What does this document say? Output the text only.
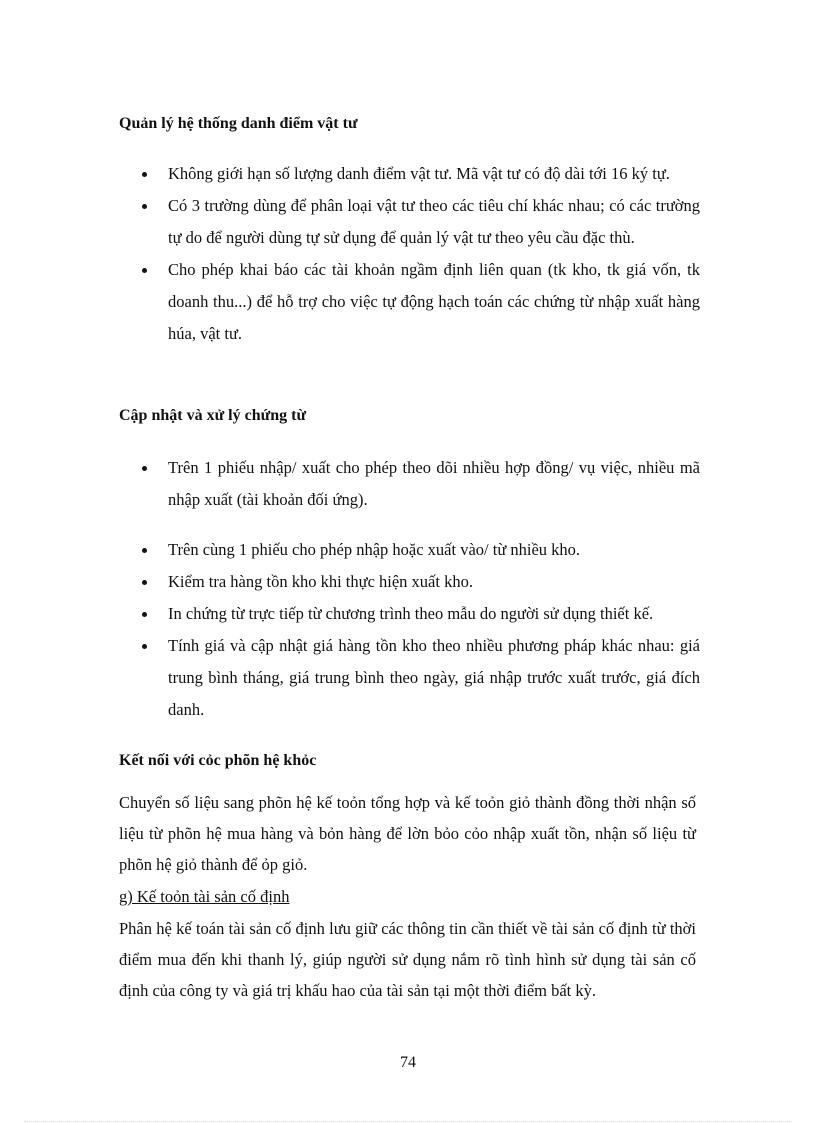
Quản lý hệ thống danh điểm vật tư
Không giới hạn số lượng danh điểm vật tư. Mã vật tư có độ dài tới 16 ký tự.
Có 3 trường dùng để phân loại vật tư theo các tiêu chí khác nhau; có các trường tự do để người dùng tự sử dụng để quản lý vật tư theo yêu cầu đặc thù.
Cho phép khai báo các tài khoản ngầm định liên quan (tk kho, tk giá vốn, tk doanh thu...) để hỗ trợ cho việc tự động hạch toán các chứng từ nhập xuất hàng húa, vật tư.
Cập nhật và xử lý chứng từ
Trên 1 phiếu nhập/ xuất cho phép theo dõi nhiều hợp đồng/ vụ việc, nhiều mã nhập xuất (tài khoản đối ứng).
Trên cùng 1 phiếu cho phép nhập hoặc xuất vào/ từ nhiều kho.
Kiểm tra hàng tồn kho khi thực hiện xuất kho.
In chứng từ trực tiếp từ chương trình theo mẫu do người sử dụng thiết kế.
Tính giá và cập nhật giá hàng tồn kho theo nhiều phương pháp khác nhau: giá trung bình tháng, giá trung bình theo ngày, giá nhập trước xuất trước, giá đích danh.
Kết nối với cỏc phõn hệ khỏc

Chuyển số liệu sang phõn hệ kế toỏn tổng hợp và kế toỏn giỏ thành đồng thời nhận số liệu từ phõn hệ mua hàng và bỏn hàng để lờn bỏo cỏo nhập xuất tồn, nhận số liệu từ phõn hệ giỏ thành để ỏp giỏ.

g) Kế toỏn tài sản cố định

Phân hệ kế toán tài sản cố định lưu giữ các thông tin cần thiết về tài sản cố định từ thời điểm mua đến khi thanh lý, giúp người sử dụng nắm rõ tình hình sử dụng tài sản cố định của công ty và giá trị khấu hao của tài sản tại một thời điểm bất kỳ.

74
